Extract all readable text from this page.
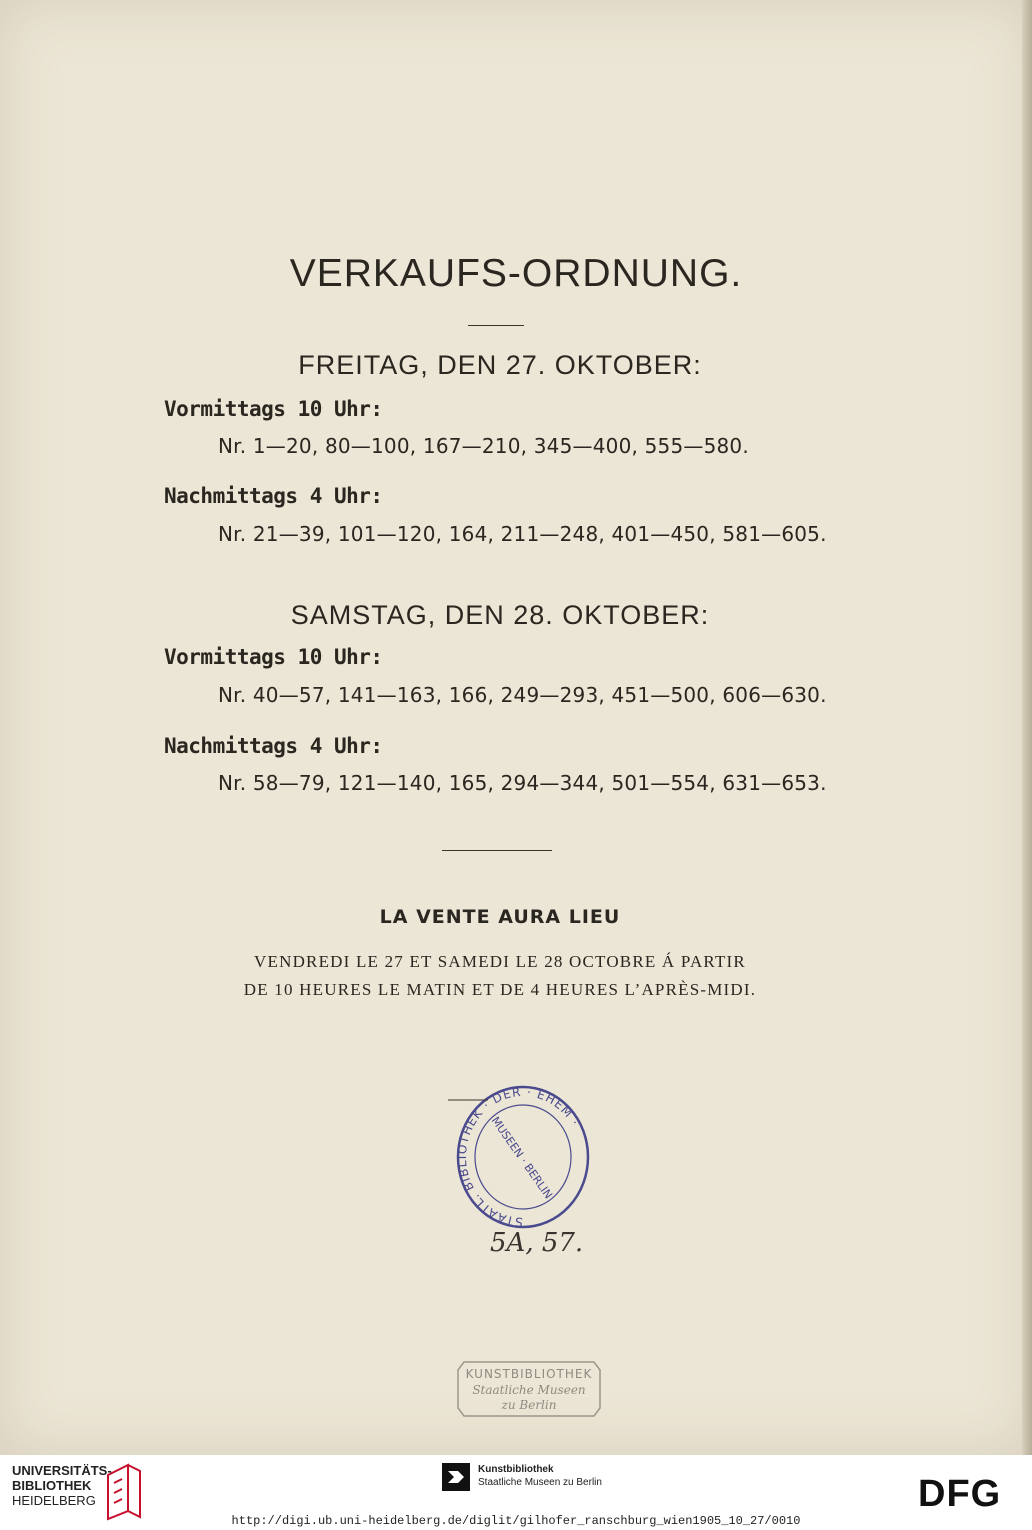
VERKAUFS-ORDNUNG.
FREITAG, DEN 27. OKTOBER:
Vormittags 10 Uhr:
Nr. 1—20, 80—100, 167—210, 345—400, 555—580.
Nachmittags 4 Uhr:
Nr. 21—39, 101—120, 164, 211—248, 401—450, 581—605.
SAMSTAG, DEN 28. OKTOBER:
Vormittags 10 Uhr:
Nr. 40—57, 141—163, 166, 249—293, 451—500, 606—630.
Nachmittags 4 Uhr:
Nr. 58—79, 121—140, 165, 294—344, 501—554, 631—653.
LA VENTE AURA LIEU
VENDREDI LE 27 ET SAMEDI LE 28 OCTOBRE Á PARTIR
DE 10 HEURES LE MATIN ET DE 4 HEURES L’APRÈS-MIDI.
STAATL. BIBLIOTHEK · DER · EHEM ·
MUSEEN · BERLIN
5A, 57.
KUNSTBIBLIOTHEK
Staatliche Museen
zu Berlin
UNIVERSITÄTS-
BIBLIOTHEK
HEIDELBERG
Kunstbibliothek
Staatliche Museen zu Berlin	DFG
http://digi.ub.uni-heidelberg.de/diglit/gilhofer_ranschburg_wien1905_10_27/0010
